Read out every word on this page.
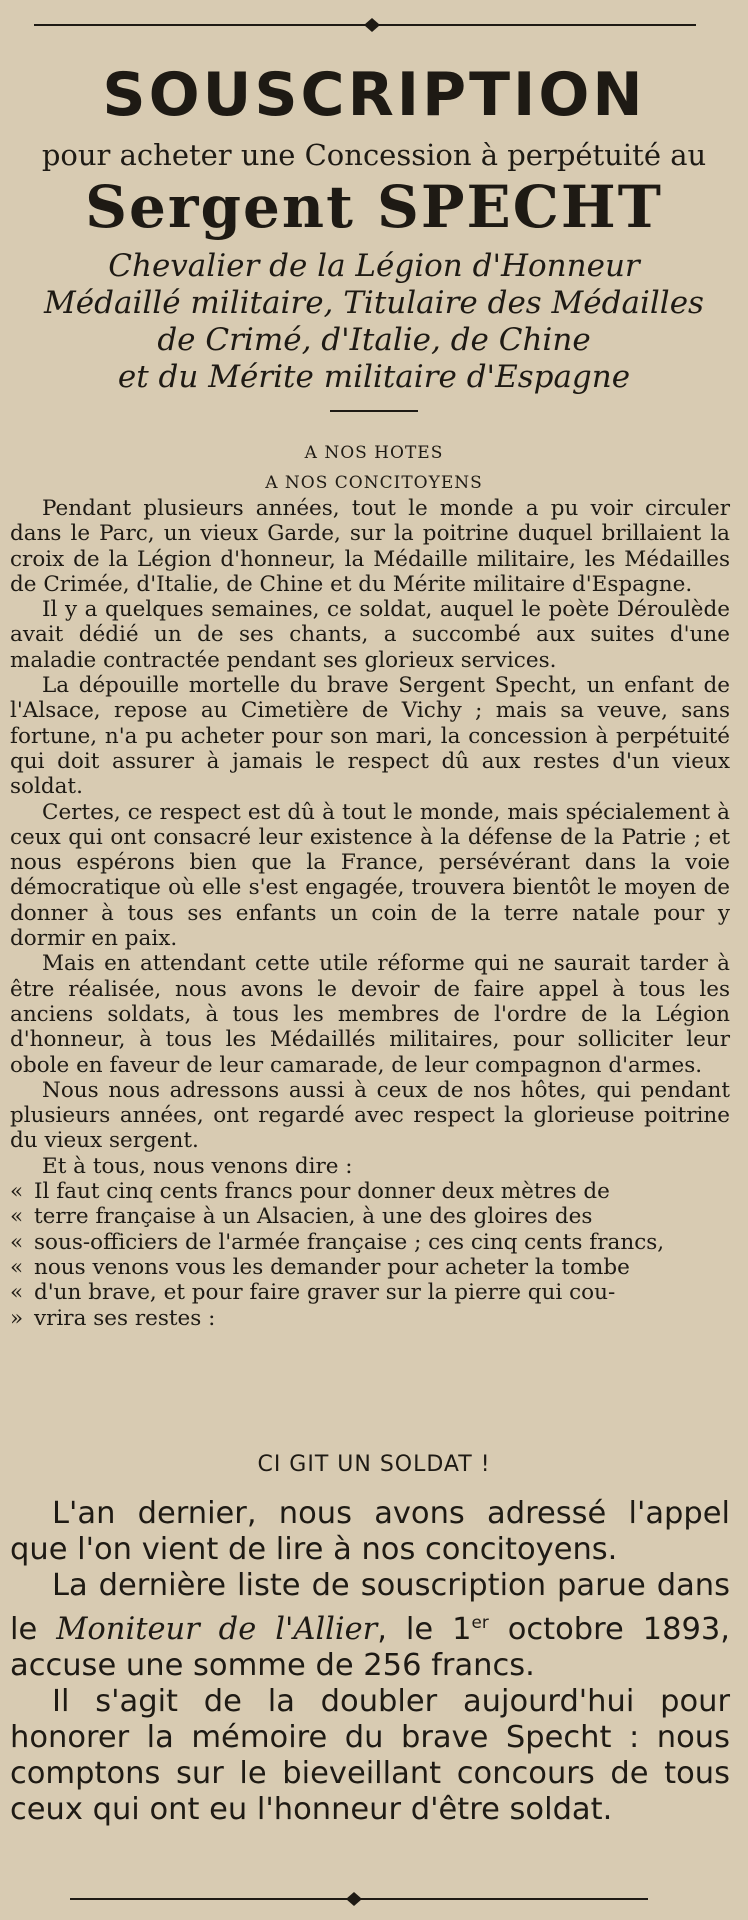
SOUSCRIPTION
pour acheter une Concession à perpétuité au
Sergent SPECHT
Chevalier de la Légion d'Honneur
Médaillé militaire, Titulaire des Médailles
de Crimé, d'Italie, de Chine
et du Mérite militaire d'Espagne
A NOS HOTES
A NOS CONCITOYENS

Pendant plusieurs années, tout le monde a pu voir circuler dans le Parc, un vieux Garde, sur la poitrine duquel brillaient la croix de la Légion d'honneur, la Médaille militaire, les Médailles de Crimée, d'Italie, de Chine et du Mérite militaire d'Espagne.

Il y a quelques semaines, ce soldat, auquel le poète Déroulède avait dédié un de ses chants, a succombé aux suites d'une maladie contractée pendant ses glorieux services.

La dépouille mortelle du brave Sergent Specht, un enfant de l'Alsace, repose au Cimetière de Vichy ; mais sa veuve, sans fortune, n'a pu acheter pour son mari, la concession à perpétuité qui doit assurer à jamais le respect dû aux restes d'un vieux soldat.

Certes, ce respect est dû à tout le monde, mais spécialement à ceux qui ont consacré leur existence à la défense de la Patrie ; et nous espérons bien que la France, persévérant dans la voie démocratique où elle s'est engagée, trouvera bientôt le moyen de donner à tous ses enfants un coin de la terre natale pour y dormir en paix.

Mais en attendant cette utile réforme qui ne saurait tarder à être réalisée, nous avons le devoir de faire appel à tous les anciens soldats, à tous les membres de l'ordre de la Légion d'honneur, à tous les Médaillés militaires, pour solliciter leur obole en faveur de leur camarade, de leur compagnon d'armes.

Nous nous adressons aussi à ceux de nos hôtes, qui pendant plusieurs années, ont regardé avec respect la glorieuse poitrine du vieux sergent.

Et à tous, nous venons dire :

« Il faut cinq cents francs pour donner deux mètres de
« terre française à un Alsacien, à une des gloires des
« sous-officiers de l'armée française ; ces cinq cents francs,
« nous venons vous les demander pour acheter la tombe
« d'un brave, et pour faire graver sur la pierre qui cou-
» vrira ses restes :
CI GIT UN SOLDAT !

L'an dernier, nous avons adressé l'appel que l'on vient de lire à nos concitoyens.

La dernière liste de souscription parue dans le Moniteur de l'Allier, le 1er octobre 1893, accuse une somme de 256 francs.

Il s'agit de la doubler aujourd'hui pour honorer la mémoire du brave Specht : nous comptons sur le bieveillant concours de tous ceux qui ont eu l'honneur d'être soldat.
